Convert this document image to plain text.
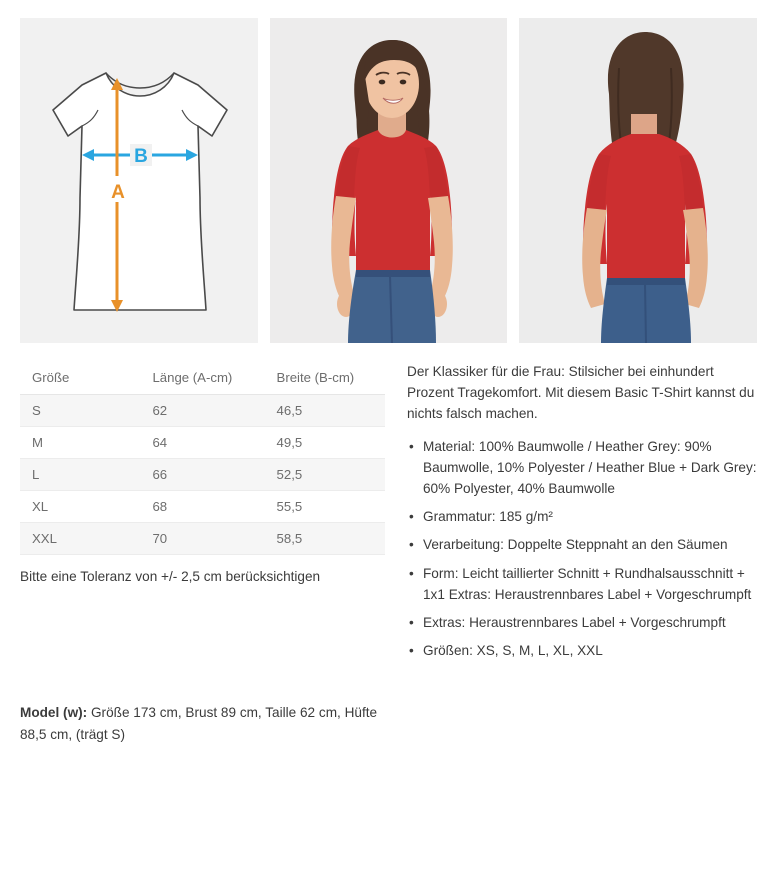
B
A
Größe	Länge (A-cm)	Breite (B-cm)
S	62	46,5
M	64	49,5
L	66	52,5
XL	68	55,5
XXL	70	58,5
Bitte eine Toleranz von +/- 2,5 cm berücksichtigen
Model (w): Größe 173 cm, Brust 89 cm, Taille 62 cm, Hüfte 88,5 cm, (trägt S)

Der Klassiker für die Frau: Stilsicher bei einhundert Prozent Tragekomfort. Mit diesem Basic T-Shirt kannst du nichts falsch machen.

• Material: 100% Baumwolle / Heather Grey: 90% Baumwolle, 10% Polyester / Heather Blue + Dark Grey: 60% Polyester, 40% Baumwolle
• Grammatur: 185 g/m²
• Verarbeitung: Doppelte Steppnaht an den Säumen
• Form: Leicht taillierter Schnitt + Rundhalsausschnitt + 1x1 Extras: Heraustrennbares Label + Vorgeschrumpft
• Extras: Heraustrennbares Label + Vorgeschrumpft
• Größen: XS, S, M, L, XL, XXL
